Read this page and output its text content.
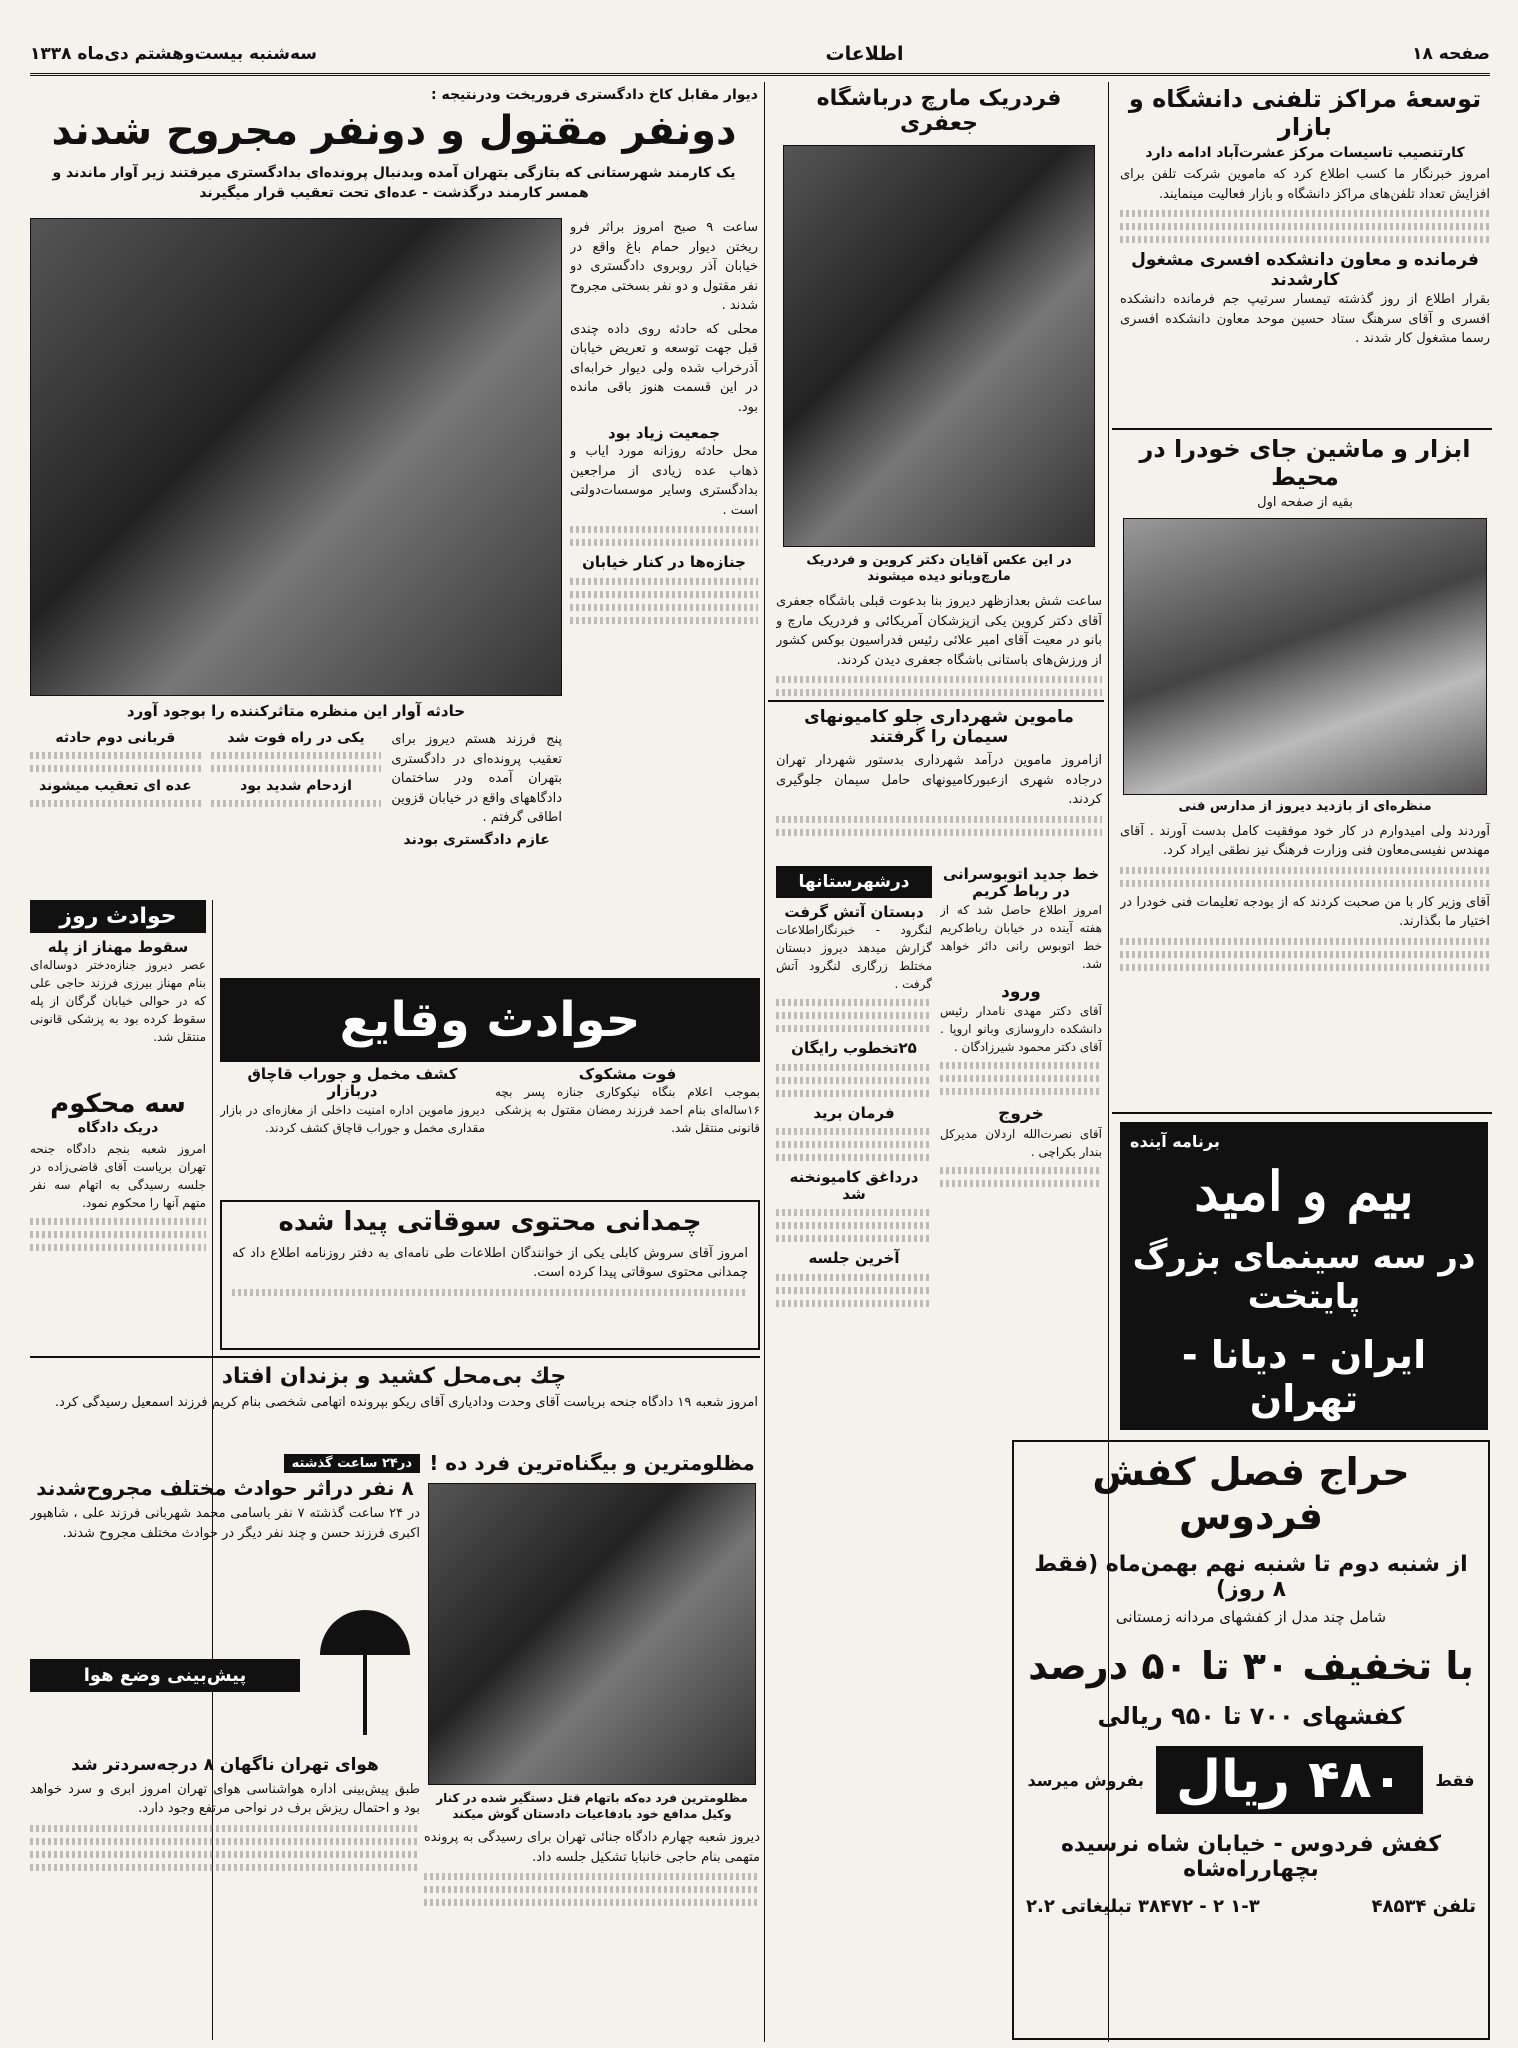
صفحه ۱۸
اطلاعات
سه‌شنبه بیست‌وهشتم دی‌ماه ۱۳۳۸
توسعهٔ مراکز تلفنی دانشگاه و بازار
کارتنصیب تاسیسات مرکز عشرت‌آباد ادامه دارد
امروز خبرنگار ما کسب اطلاع کرد که ماموین شرکت تلفن برای افزایش تعداد تلفن‌های مراکز دانشگاه و بازار فعالیت مینمایند.
فرمانده و معاون دانشکده افسری مشغول کارشدند
بقرار اطلاع از روز گذشته تیمسار سرتیپ جم فرمانده دانشکده افسری و آقای سرهنگ ستاد حسین موحد معاون دانشکده افسری رسما مشغول کار شدند .
ابزار و ماشین جای خودرا در محیط
بقیه از صفحه اول
منظره‌ای از بازدید دیروز از مدارس فنی
آوردند ولی امیدوارم در کار خود موفقیت کامل بدست آورند . آقای مهندس نفیسی‌معاون فنی وزارت فرهنگ نیز نطقی ایراد کرد.
آقای وزیر کار با من صحبت کردند که از بودجه تعلیمات فنی خودرا در اختیار ما بگذارند.
برنامه آینده
بیم و امید
در سه سینمای بزرگ پایتخت
ایران - دیانا - تهران
حراج فصل کفش فردوس
از شنبه دوم تا شنبه نهم بهمن‌ماه (فقط ۸ روز)
شامل چند مدل از کفشهای مردانه زمستانی
با تخفیف ۳۰ تا ۵۰ درصد
کفشهای ۷۰۰ تا ۹۵۰ ریالی
فقط
۴۸۰ ریال
بفروش میرسد
کفش فردوس - خیابان شاه نرسیده بچهارراه‌شاه
تلفن ۴۸۵۳۴
۱-۳ ۲ - ۳۸۴۷۲ تبلیغاتی ۲.۲
فردریک مارچ درباشگاه جعفری
در این عکس آقایان دکتر کروین و فردریک مارچ‌وبانو دیده میشوند
ساعت شش بعدازظهر دیروز بنا بدعوت قبلی باشگاه جعفری آقای دکتر کروین یکی ازپزشکان آمریکائی و فردریک مارچ و بانو در معیت آقای امیر علائی رئیس فدراسیون بوکس کشور از ورزش‌های باستانی باشگاه جعفری دیدن کردند.
ماموین شهرداری جلو کامیونهای سیمان را گرفتند
ازامروز ماموین درآمد شهرداری بدستور شهردار تهران درجاده شهری ازعبورکامیونهای حامل سیمان جلوگیری کردند.
خط جدید اتوبوسرانی در رباط کریم
امروز اطلاع حاصل شد که از هفته آینده در خیابان رباط‌کریم خط اتوبوس رانی دائر خواهد شد.
ورود
آقای دکتر مهدی نامدار رئیس دانشکده داروسازی وبانو اروپا . آقای دکتر محمود شیرزادگان .
خروج
آقای نصرت‌الله اردلان مدیرکل بندار بکراچی .
درشهرستانها
دبستان آتش گرفت
لنگرود - خبرنگاراطلاعات گزارش میدهد دیروز دبستان مختلط زرگاری لنگرود آتش گرفت .
۲۵تخطوب رایگان
فرمان برید
درداغق کامیونخنه شد
آخرین جلسه
دیوار مقابل کاخ دادگستری فروریخت ودرنتیجه :
دونفر مقتول و دونفر مجروح شدند
یک کارمند شهرستانی که بتازگی بتهران آمده وبدنبال پرونده‌ای بدادگستری میرفتند زیر آوار ماندند و همسر کارمند درگذشت - عده‌ای تحت تعقیب قرار میگیرند
حادثه آوار این منظره متاثرکننده را بوجود آورد
ساعت ۹ صبح امروز براثر فرو ریختن دیوار حمام باغ واقع در خیابان آذر روبروی دادگستری دو نفر مقتول و دو نفر بسختی مجروح شدند .
محلی که حادثه روی داده چندی قبل جهت توسعه و تعریض خیابان آذرخراب شده ولی دیوار خرابه‌ای در این قسمت هنوز باقی مانده بود.
جمعیت زیاد بود
محل حادثه روزانه مورد ایاب و ذهاب عده زیادی از مراجعین بدادگستری وسایر موسسات‌دولتی است .
جنازه‌ها در کنار خیابان
پنج فرزند هستم دیروز برای تعقیب پرونده‌ای در دادگستری بتهران آمده ودر ساختمان دادگاههای واقع در خیابان قزوین اطاقی گرفتم .
عازم دادگستری بودند
یکی در راه فوت شد
ازدحام شدید بود
قربانی دوم حادثه
عده ای تعقیب میشوند
حوادث وقایع
فوت مشکوک
بموجب اعلام بنگاه نیکوکاری جنازه پسر بچه ۱۶ساله‌ای بنام احمد فرزند رمضان مقتول به پزشکی قانونی منتقل شد.
کشف مخمل و جوراب قاچاق دربازار
دیروز ماموین اداره امنیت داخلی از مغازه‌ای در بازار مقداری مخمل و جوراب قاچاق کشف کردند.
چمدانی محتوی سوقاتی پیدا شده
امروز آقای سروش کابلی یکی از خوانندگان اطلاعات طی نامه‌ای به دفتر روزنامه اطلاع داد که چمدانی محتوی سوقاتی پیدا کرده است.
حوادث روز
سقوط مهناز از پله
عصر دیروز جنازه‌دختر دوساله‌ای بنام مهناز بیرزی فرزند حاجی علی که در حوالی خیابان گرگان از پله سقوط کرده بود به پزشکی قانونی منتقل شد.
سه محکوم
دریک دادگاه
امروز شعبه بنجم دادگاه جنحه تهران بریاست آقای قاضی‌زاده در جلسه رسیدگی به اتهام سه نفر متهم آنها را محکوم نمود.
چك بی‌محل كشيد و بزندان افتاد
امروز شعبه ۱۹ دادگاه جنحه بریاست آقای وحدت ودادیاری آقای ریکو بپرونده اتهامی شخصی بنام کریم فرزند اسمعیل رسیدگی کرد.
در۲۴ ساعت گذشته
۸ نفر دراثر حوادث مختلف مجروح‌شدند
در ۲۴ ساعت گذشته ۷ نفر باسامی محمد شهربانی فرزند علی ، شاهپور اکبری فرزند حسن و چند نفر دیگر در حوادث مختلف مجروح شدند.
مظلومترین و بیگناه‌ترین فرد ده !
مظلومترین فرد ده‌که باتهام قتل دستگیر شده در کنار وکیل مدافع خود بادفاعیات دادستان گوش میکند
دیروز شعبه چهارم دادگاه جنائی تهران برای رسیدگی به پرونده متهمی بنام حاجی خانبابا تشکیل جلسه داد.
پیش‌بینی وضع هوا
هوای تهران ناگهان ۸ درجه‌سردتر شد
طبق پیش‌بینی اداره هواشناسی هوای تهران امروز ابری و سرد خواهد بود و احتمال ریزش برف در نواحی مرتفع وجود دارد.
